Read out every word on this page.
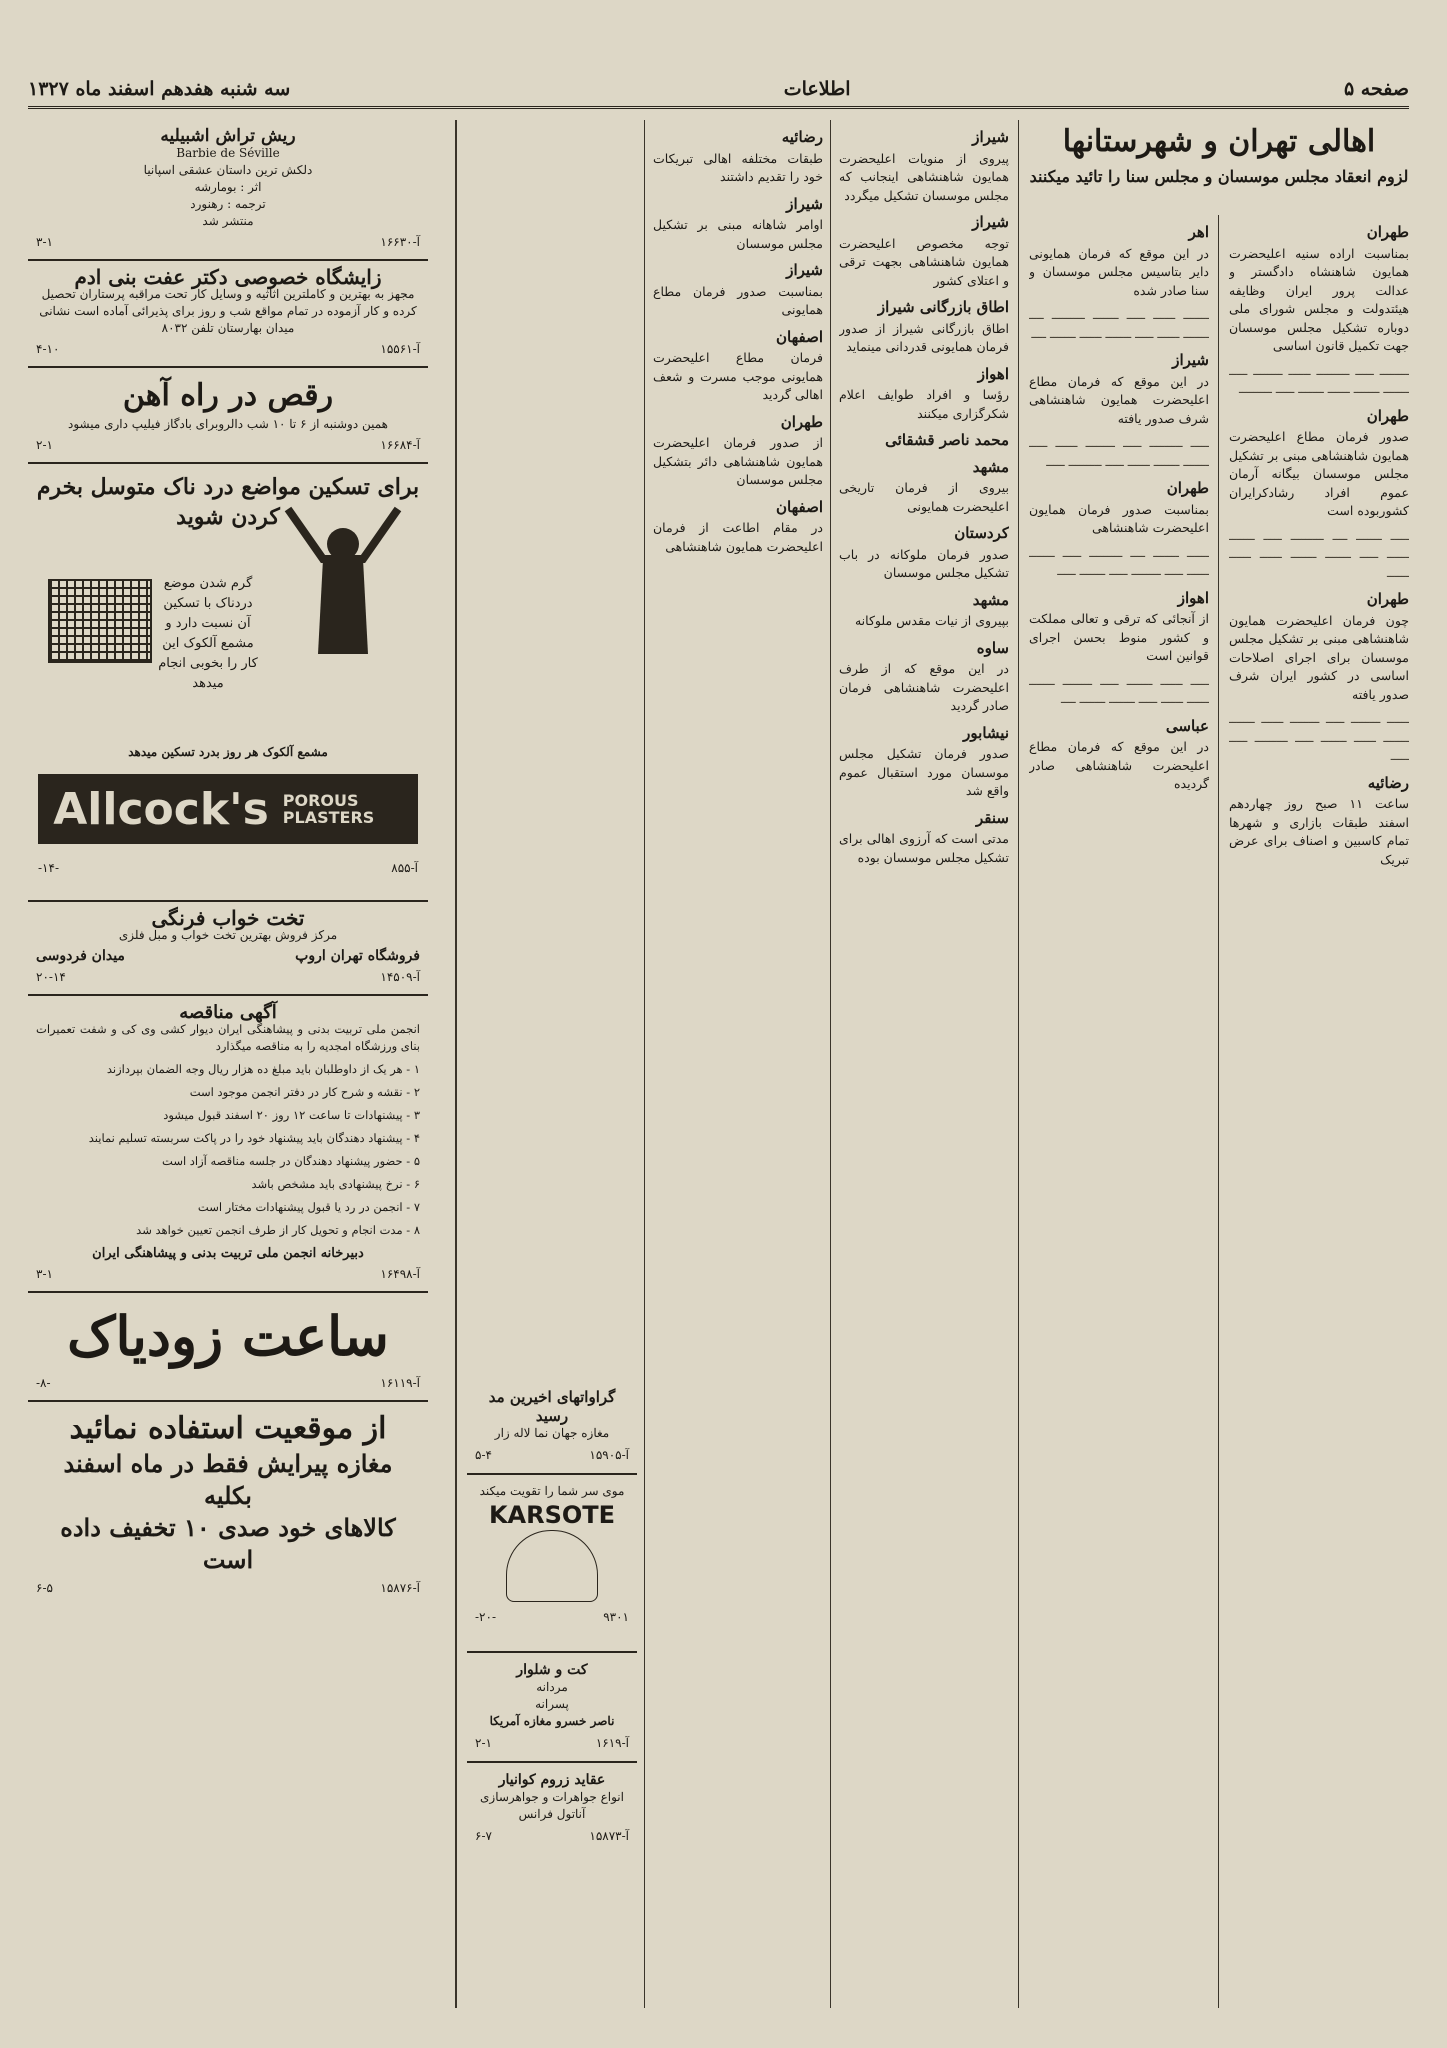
صفحه ۵
اطلاعات
سه شنبه هفدهم اسفند ماه ۱۳۲۷
اهالی تهران و شهرستانها
لزوم انعقاد مجلس موسسان و مجلس سنا را تائید میکنند
طهران

بمناسبت اراده سنیه اعلیحضرت همایون شاهنشاه دادگستر و عدالت پرور ایران وظایفه هیئتدولت و مجلس شورای ملی دوباره تشکیل مجلس موسسان جهت تکمیل قانون اساسی

ــــــــ ـــــ ـــــــــ ــــــ ــــــــ ـــــ ـــــــ ـــــــ ــــــ ـــــــ ـــــ ـــــــــ

طهران

صدور فرمان مطاع اعلیحضرت همایون شاهنشاهی مبنی بر تشکیل مجلس موسسان بیگانه آرمان عموم افراد رشادکرایران کشوربوده است

ـــــ ـــــــ ــــ ـــــــــ ـــــ ـــــــ ــــــ ـــــ ـــــــ ـــــــ ــــــ ــــــ ــــــ

طهران

چون فرمان اعلیحضرت همایون شاهنشاهی مبنی بر تشکیل مجلس موسسان برای اجرای اصلاحات اساسی در کشور ایران شرف صدور یافته

ــــــ ــــــــ ـــــ ــــــــ ــــــ ـــــــ ـــــــ ــــــ ـــــــ ـــــ ـــــــــ ـــــ ـــــ

رضائیه

ساعت ۱۱ صبح روز چهاردهم اسفند طبقات بازاری و شهرها تمام کاسبین و اصناف برای عرض تبریک

اهر

در این موقع که فرمان همایونی دایر بتاسیس مجلس موسسان و سنا صادر شده

ـــــــ ــــــ ـــــ ـــــــ ـــــــــ ــــ ـــــــ ــــــ ـــــ ـــــــ ــــــ ـــــــ ــــ

شیراز

در این موقع که فرمان مطاع اعلیحضرت همایون شاهنشاهی شرف صدور یافته

ـــــ ـــــــــ ـــــ ــــــــ ــــــ ـــــ ـــــــ ـــــــ ــــــ ـــــ ـــــــــ ـــــ

طهران

بمناسبت صدور فرمان همایون اعلیحضرت شاهنشاهی

ــــــ ـــــــ ــــ ـــــــــ ـــــ ـــــــ ــــــ ـــــ ــــــــ ـــــ ـــــــ ـــــ

اهواز

از آنجائی که ترقی و تعالی مملکت و کشور منوط بحسن اجرای قوانین است

ـــــ ــــــ ـــــــ ـــــ ــــــــ ـــــــ ــــــ ــــــ ـــــ ـــــــ ـــــــ ــــ

عباسی

در این موقع که فرمان مطاع اعلیحضرت شاهنشاهی صادر گردیده

شیراز

پیروی از منویات اعلیحضرت همایون شاهنشاهی اینجانب که مجلس موسسان تشکیل میگردد

شیراز

توجه مخصوص اعلیحضرت همایون شاهنشاهی بجهت ترقی و اعتلای کشور

اطاق بازرگانی شیراز

اطاق بازرگانی شیراز از صدور فرمان همایونی قدردانی مینماید

اهواز

رؤسا و افراد طوایف اعلام شکرگزاری میکنند

محمد ناصر قشقائی
مشهد

بیروی از فرمان تاریخی اعلیحضرت همایونی

کردستان

صدور فرمان ملوکانه در باب تشکیل مجلس موسسان

مشهد

بپیروی از نیات مقدس ملوکانه

ساوه

در این موقع که از طرف اعلیحضرت شاهنشاهی فرمان صادر گردید

نیشابور

صدور فرمان تشکیل مجلس موسسان مورد استقبال عموم واقع شد

سنقر

مدتی است که آرزوی اهالی برای تشکیل مجلس موسسان بوده

رضائیه

طبقات مختلفه اهالی تبریکات خود را تقدیم داشتند

شیراز

اوامر شاهانه مبنی بر تشکیل مجلس موسسان

شیراز

بمناسبت صدور فرمان مطاع همایونی

اصفهان

فرمان مطاع اعلیحضرت همایونی موجب مسرت و شعف اهالی گردید

طهران

از صدور فرمان اعلیحضرت همایون شاهنشاهی دائر بتشکیل مجلس موسسان

اصفهان

در مقام اطاعت از فرمان اعلیحضرت همایون شاهنشاهی

گراواتهای اخیرین مد رسید
مغازه جهان نما لاله زار
۵-۴	آ-۱۵۹۰۵
موی سر شما را تقویت میکند
KARSOTE
-۲۰-	۹۳۰۱
کت و شلوار
مردانه
پسرانه
ناصر خسرو مغازه آمریکا
۲-۱	آ-۱۶۱۹
عقاید زروم کوانیار
انواع جواهرات و جواهرسازی آناتول فرانس
۶-۷	آ-۱۵۸۷۳
ریش تراش اشبیلیه
Barbie de Séville
دلکش ترین داستان عشقی اسپانیا
اثر : بومارشه
ترجمه : رهنورد
منتشر شد
۳-۱	آ-۱۶۶۳۰
زایشگاه خصوصی دکتر عفت بنی ادم
مجهز به بهترین و کاملترین اثاثیه و وسایل کار تحت مراقبه پرستاران تحصیل کرده و کار آزموده در تمام مواقع شب و روز برای پذیرائی آماده است نشانی میدان بهارستان تلفن ۸۰۳۲
۴-۱۰	آ-۱۵۵۶۱
رقص در راه آهن
همین دوشنبه از ۶ تا ۱۰ شب دالروبرای بادگاز فیلیپ داری میشود
۲-۱	آ-۱۶۶۸۴
برای تسکین مواضع درد ناک متوسل بخرم کردن شوید
گرم شدن موضع دردناک با تسکین آن نسبت دارد و مشمع آلکوک این کار را بخوبی انجام میدهد
مشمع آلکوک هر روز بدرد تسکین میدهد
Allcock's POROUS PLASTERS
-۱۴-	آ-۸۵۵
تخت خواب فرنگی
مرکز فروش بهترین تخت خواب و مبل فلزی
فروشگاه تهران اروپ
میدان فردوسی
۲۰-۱۴	آ-۱۴۵۰۹
آگهی مناقصه

انجمن ملی تربیت بدنی و پیشاهنگی ایران دیوار کشی وی کی و شفت تعمیرات بنای ورزشگاه امجدیه را به مناقصه میگذارد

۱ - هر یک از داوطلبان باید مبلغ ده هزار ریال وجه الضمان بپردازند

۲ - نقشه و شرح کار در دفتر انجمن موجود است

۳ - پیشنهادات تا ساعت ۱۲ روز ۲۰ اسفند قبول میشود

۴ - پیشنهاد دهندگان باید پیشنهاد خود را در پاکت سربسته تسلیم نمایند

۵ - حضور پیشنهاد دهندگان در جلسه مناقصه آزاد است

۶ - نرخ پیشنهادی باید مشخص باشد

۷ - انجمن در رد یا قبول پیشنهادات مختار است

۸ - مدت انجام و تحویل کار از طرف انجمن تعیین خواهد شد

دبیرخانه انجمن ملی تربیت بدنی و پیشاهنگی ایران
۳-۱	آ-۱۶۴۹۸
ساعت زودیاک
-۸-	آ-۱۶۱۱۹
از موقعیت استفاده نمائید
مغازه پیرایش فقط در ماه اسفند بکلیه
کالاهای خود صدی ۱۰ تخفیف داده است
۶-۵	آ-۱۵۸۷۶
